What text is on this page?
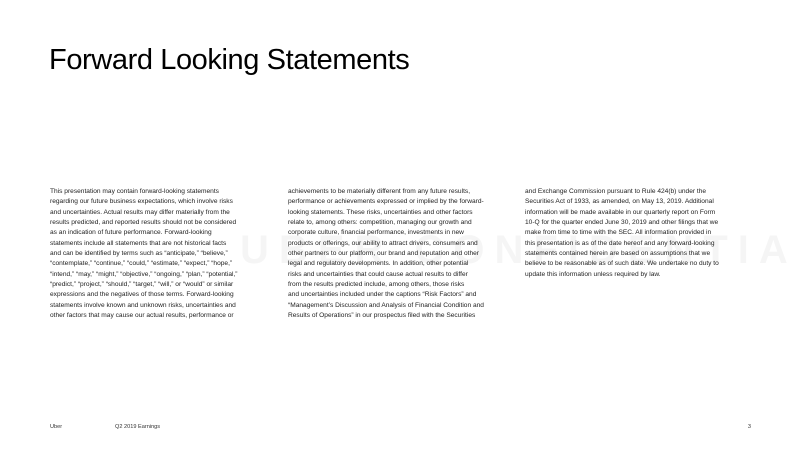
Forward Looking Statements
This presentation may contain forward-looking statements
regarding our future business expectations, which involve risks
and uncertainties. Actual results may differ materially from the
results predicted, and reported results should not be considered
as an indication of future performance. Forward-looking
statements include all statements that are not historical facts
and can be identified by terms such as “anticipate,” “believe,”
“contemplate,” “continue,” “could,” “estimate,” “expect,” “hope,”
“intend,” “may,” “might,” “objective,” “ongoing,” “plan,” “potential,”
“predict,” “project,” “should,” “target,” “will,” or “would” or similar
expressions and the negatives of those terms. Forward-looking
statements involve known and unknown risks, uncertainties and
other factors that may cause our actual results, performance or
achievements to be materially different from any future results,
performance or achievements expressed or implied by the forward-
looking statements. These risks, uncertainties and other factors
relate to, among others: competition, managing our growth and
corporate culture, financial performance, investments in new
products or offerings, our ability to attract drivers, consumers and
other partners to our platform, our brand and reputation and other
legal and regulatory developments. In addition, other potential
risks and uncertainties that could cause actual results to differ
from the results predicted include, among others, those risks
and uncertainties included under the captions “Risk Factors” and
“Management’s Discussion and Analysis of Financial Condition and
Results of Operations” in our prospectus filed with the Securities
and Exchange Commission pursuant to Rule 424(b) under the
Securities Act of 1933, as amended, on May 13, 2019. Additional
information will be made available in our quarterly report on Form
10-Q for the quarter ended June 30, 2019 and other filings that we
make from time to time with the SEC. All information provided in
this presentation is as of the date hereof and any forward-looking
statements contained herein are based on assumptions that we
believe to be reasonable as of such date. We undertake no duty to
update this information unless required by law.
Uber	Q2 2019 Earnings	3
